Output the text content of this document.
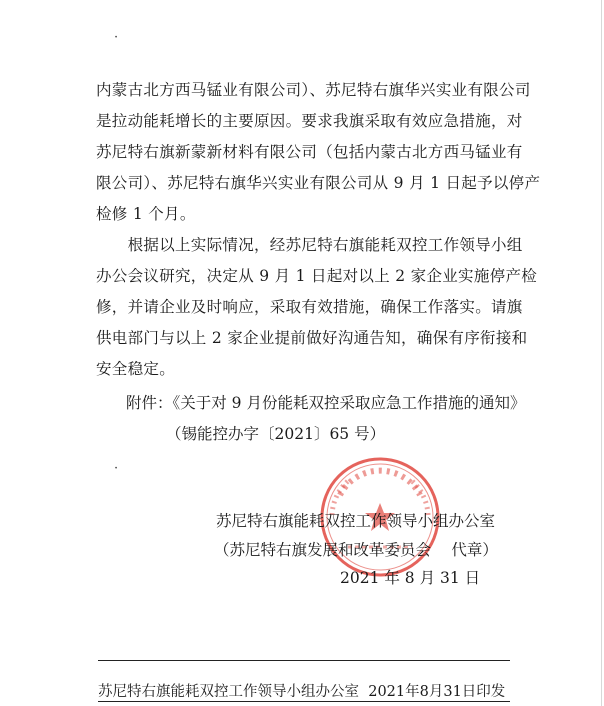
·
内蒙古北方西马锰业有限公司）、苏尼特右旗华兴实业有限公司
是拉动能耗增长的主要原因。要求我旗采取有效应急措施，对
苏尼特右旗新蒙新材料有限公司（包括内蒙古北方西马锰业有
限公司）、苏尼特右旗华兴实业有限公司从 9 月 1 日起予以停产
检修 1 个月。
　　根据以上实际情况，经苏尼特右旗能耗双控工作领导小组
办公会议研究，决定从 9 月 1 日起对以上 2 家企业实施停产检
修，并请企业及时响应，采取有效措施，确保工作落实。请旗
供电部门与以上 2 家企业提前做好沟通告知，确保有序衔接和
安全稳定。
附件：《关于对 9 月份能耗双控采取应急工作措施的通知》
（锡能控办字〔2021〕65 号）
·
苏尼特右旗能耗双控工作领导小组办公室
（苏尼特右旗发展和改革委员会　 代章）
2021 年 8 月 31 日
苏尼特右旗能耗双控工作领导小组办公室  2021年8月31日印发
